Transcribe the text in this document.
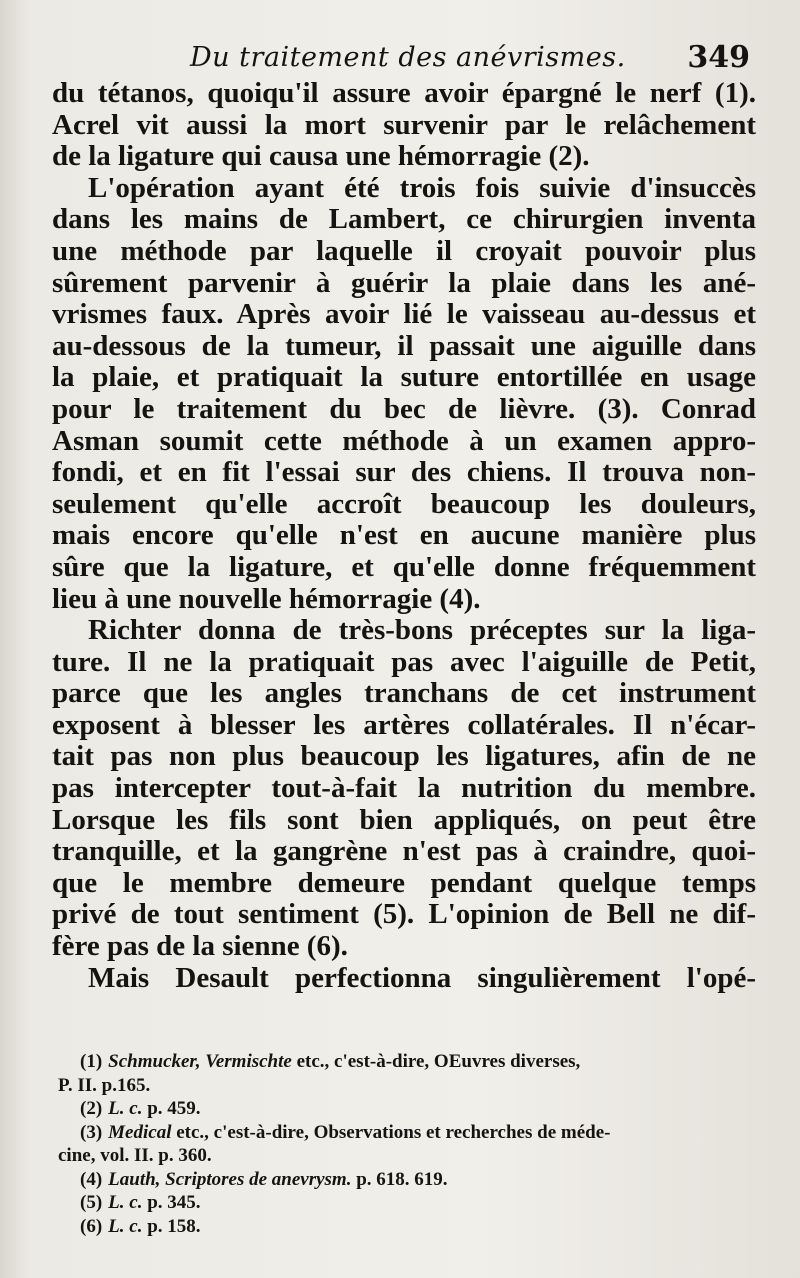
Du traitement des anévrismes. 349
du tétanos, quoiqu'il assure avoir épargné le nerf (1).
Acrel vit aussi la mort survenir par le relâchement
de la ligature qui causa une hémorragie (2).
L'opération ayant été trois fois suivie d'insuccès
dans les mains de Lambert, ce chirurgien inventa
une méthode par laquelle il croyait pouvoir plus
sûrement parvenir à guérir la plaie dans les ané-
vrismes faux. Après avoir lié le vaisseau au-dessus et
au-dessous de la tumeur, il passait une aiguille dans
la plaie, et pratiquait la suture entortillée en usage
pour le traitement du bec de lièvre. (3). Conrad
Asman soumit cette méthode à un examen appro-
fondi, et en fit l'essai sur des chiens. Il trouva non-
seulement qu'elle accroît beaucoup les douleurs,
mais encore qu'elle n'est en aucune manière plus
sûre que la ligature, et qu'elle donne fréquemment
lieu à une nouvelle hémorragie (4).
Richter donna de très-bons préceptes sur la liga-
ture. Il ne la pratiquait pas avec l'aiguille de Petit,
parce que les angles tranchans de cet instrument
exposent à blesser les artères collatérales. Il n'écar-
tait pas non plus beaucoup les ligatures, afin de ne
pas intercepter tout-à-fait la nutrition du membre.
Lorsque les fils sont bien appliqués, on peut être
tranquille, et la gangrène n'est pas à craindre, quoi-
que le membre demeure pendant quelque temps
privé de tout sentiment (5). L'opinion de Bell ne dif-
fère pas de la sienne (6).
Mais Desault perfectionna singulièrement l'opé-
(1) Schmucker, Vermischte etc., c'est-à-dire, OEuvres diverses,
P. II. p.165.
(2) L. c. p. 459.
(3) Medical etc., c'est-à-dire, Observations et recherches de méde-
cine, vol. II. p. 360.
(4) Lauth, Scriptores de anevrysm. p. 618. 619.
(5) L. c. p. 345.
(6) L. c. p. 158.
